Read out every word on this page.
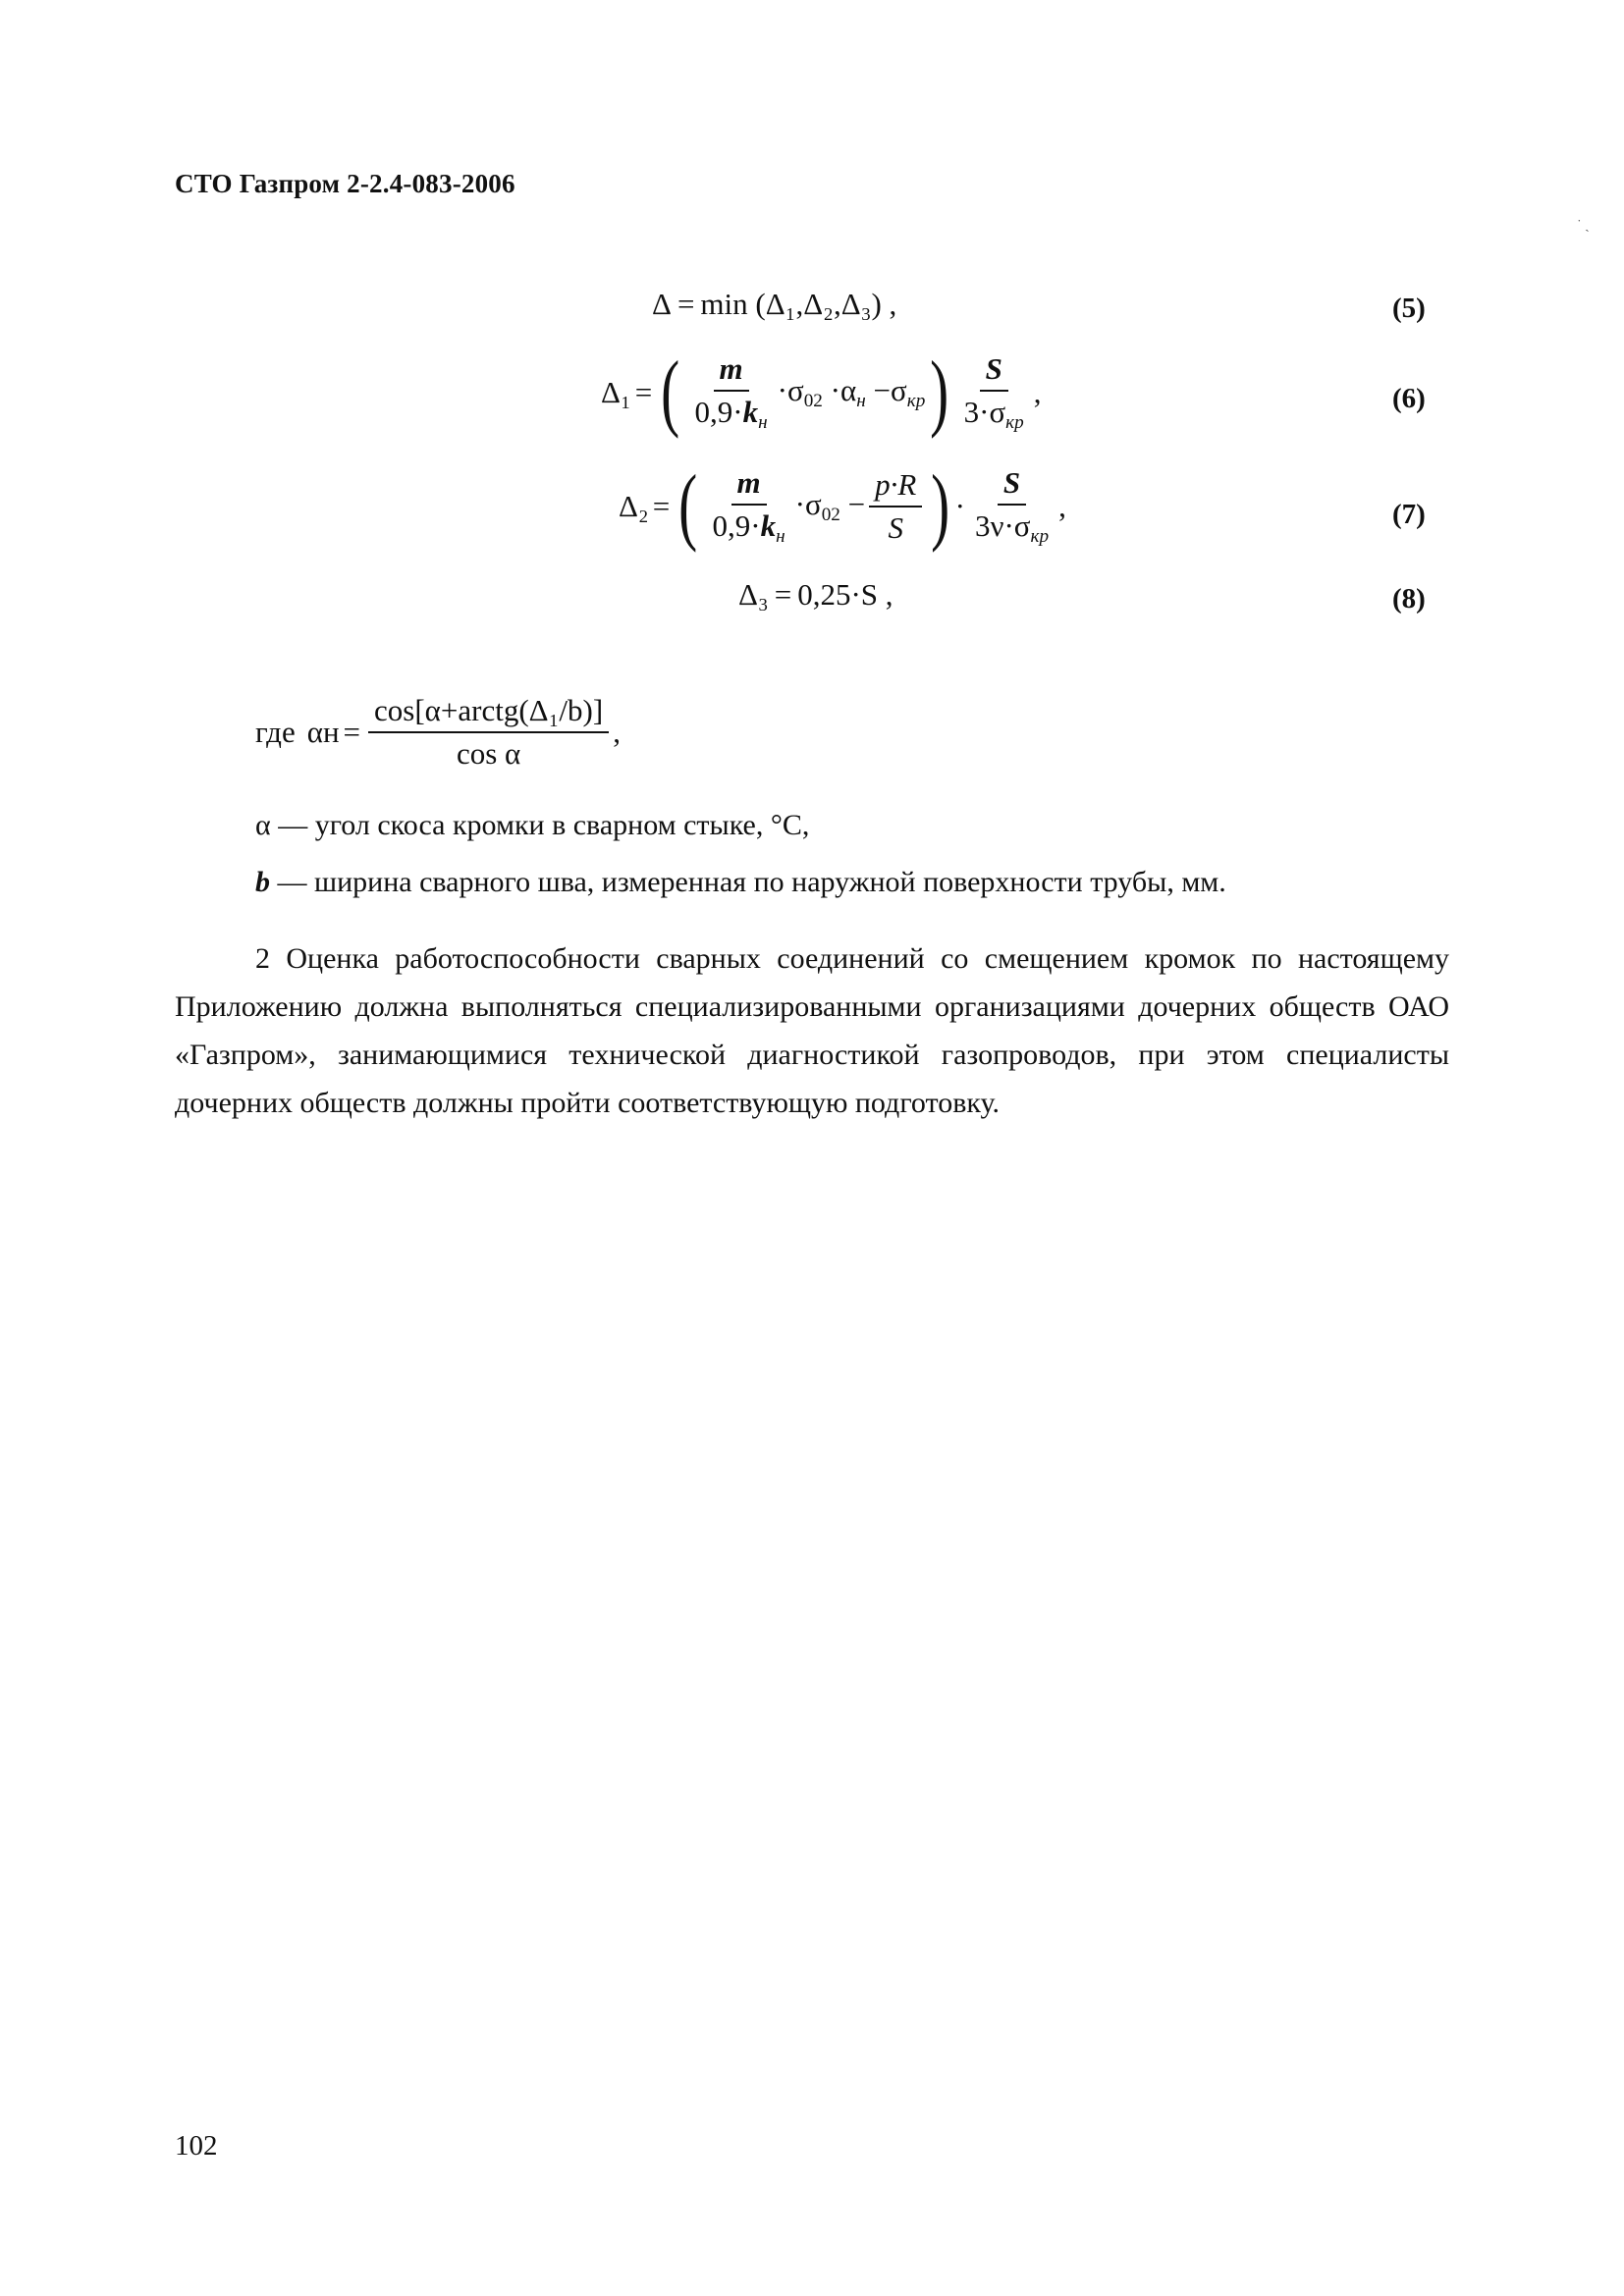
СТО Газпром 2-2.4-083-2006
˙ ˎ
Δ = min (Δ₁,Δ₂,Δ₃) ,	(5)
Δ₁ = ( $\frac{m}{0,9\cdot k_н} \cdot\sigma_{02} \cdot\alpha_н -\sigma_{кр}$ ) $\frac{S}{3\cdot\sigma_{кр}}$ ,	(6)
Δ₂ = ( $\frac{m}{0,9\cdot k_н} \cdot\sigma_{02} - \frac{p\cdot R}{S}$ ) · $\frac{S}{3\nu\cdot\sigma_{кр}}$ ,	(7)
Δ₃ = 0,25·S ,	(8)
где $\alpha н = \frac{\text{cos[α+arctg(Δ₁/b)]}}{\text{cos α}}$ ,
α — угол скоса кромки в сварном стыке, °С,
b — ширина сварного шва, измеренная по наружной поверхности трубы, мм.
2 Оценка работоспособности сварных соединений со смещением кромок по настоящему Приложению должна выполняться специализированными организациями дочерних обществ ОАО «Газпром», занимающимися технической диагностикой газопроводов, при этом специалисты дочерних обществ должны пройти соответствующую подготовку.
102
